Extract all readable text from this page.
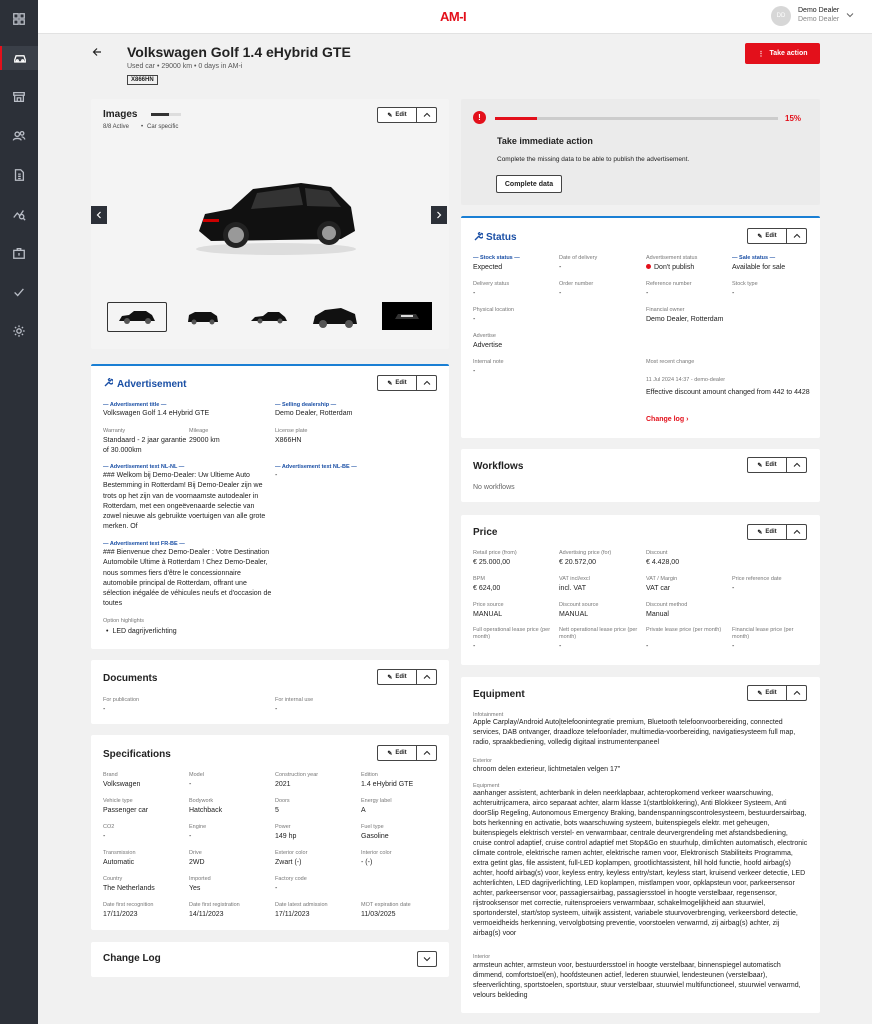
AM-I	DD
Demo Dealer
Demo Dealer
Volkswagen Golf 1.4 eHybrid GTE
Used car • 29000 km • 0 days in AM-i
X866HN
⋮ Take action
Images
8/8 Active • Car specific
✎ Edit
Advertisement	✎ Edit
— Advertisement title —
Volkswagen Golf 1.4 eHybrid GTE
— Selling dealership —
Demo Dealer, Rotterdam
Warranty
Standaard - 2 jaar garantie of 30.000km
Mileage
29000 km
License plate
X866HN
— Advertisement text NL-NL —
### Welkom bij Demo-Dealer: Uw Ultieme Auto Bestemming in Rotterdam! Bij Demo-Dealer zijn we trots op het zijn van de voornaamste autodealer in Rotterdam, met een ongeëvenaarde selectie van zowel nieuwe als gebruikte voertuigen van alle grote merken. Of
— Advertisement text NL-BE —
-
— Advertisement text FR-BE —
### Bienvenue chez Demo-Dealer : Votre Destination Automobile Ultime à Rotterdam ! Chez Demo-Dealer, nous sommes fiers d'être le concessionnaire automobile principal de Rotterdam, offrant une sélection inégalée de véhicules neufs et d'occasion de toutes
Option highlights
• LED dagrijverlichting
Documents	✎ Edit
For publication
-
For internal use
-
Specifications	✎ Edit
Brand
Volkswagen
Model
-
Construction year
2021
Edition
1.4 eHybrid GTE
Vehicle type
Passenger car
Bodywork
Hatchback
Doors
5
Energy label
A
CO2
-
Engine
-
Power
149 hp
Fuel type
Gasoline
Transmission
Automatic
Drive
2WD
Exterior color
Zwart (-)
Interior color
- (-)
Country
The Netherlands
Imported
Yes
Factory code
-
Date first recognition
17/11/2023
Date first registration
14/11/2023
Date latest admission
17/11/2023
MOT expiration date
11/03/2025
Change Log
!	15%
Take immediate action
Complete the missing data to be able to publish the advertisement.
Complete data
Status	✎ Edit
— Stock status —
Expected
Date of delivery
-
Advertisement status
Don't publish
— Sale status —
Available for sale
Delivery status
-
Order number
-
Reference number
-
Stock type
-
Physical location
-
Financial owner
Demo Dealer, Rotterdam
Advertise
Advertise
Internal note
-
Most recent change
11 Jul 2024 14:37 - demo-dealer
Effective discount amount changed from 442 to 4428
Change log ›
Workflows	✎ Edit
No workflows
Price	✎ Edit
Retail price (from)
€ 25.000,00
Advertising price (for)
€ 20.572,00
Discount
€ 4.428,00
BPM
€ 624,00
VAT incl/excl
incl. VAT
VAT / Margin
VAT car
Price reference date
-
Price source
MANUAL
Discount source
MANUAL
Discount method
Manual
Full operational lease price (per month)
-
Nett operational lease price (per month)
-
Private lease price (per month)
-
Financial lease price (per month)
-
Equipment	✎ Edit
Infotainment
Apple Carplay/Android Auto|telefoonintegratie premium, Bluetooth telefoonvoorbereiding, connected services, DAB ontvanger, draadloze telefoonlader, multimedia-voorbereiding, navigatiesysteem full map, radio, spraakbediening, volledig digitaal instrumentenpaneel
Exterior
chroom delen exterieur, lichtmetalen velgen 17"
Equipment
aanhanger assistent, achterbank in delen neerklapbaar, achteropkomend verkeer waarschuwing, achteruitrijcamera, airco separaat achter, alarm klasse 1(startblokkering), Anti Blokkeer Systeem, Anti doorSlip Regeling, Autonomous Emergency Braking, bandenspanningscontrolesysteem, bestuurdersairbag, bots herkenning en activatie, bots waarschuwing systeem, buitenspiegels elektr. met geheugen, buitenspiegels elektrisch verstel- en verwarmbaar, centrale deurvergrendeling met afstandsbediening, cruise control adaptief, cruise control adaptief met Stop&Go en stuurhulp, dimlichten automatisch, electronic climate controle, elektrische ramen achter, elektrische ramen voor, Elektronisch Stabiliteits Programma, extra getint glas, file assistent, full-LED koplampen, grootlichtassistent, hill hold functie, hoofd airbag(s) achter, hoofd airbag(s) voor, keyless entry, keyless entry/start, keyless start, kruisend verkeer detectie, LED achterlichten, LED dagrijverlichting, LED koplampen, mistlampen voor, opklapsteun voor, parkeersensor achter, parkeersensor voor, passagiersairbag, passagiersstoel in hoogte verstelbaar, regensensor, rijstrooksensor met correctie, ruitensproeiers verwarmbaar, schakelmogelijkheid aan stuurwiel, sportonderstel, start/stop systeem, uitwijk assistent, variabele stuurvoverbrenging, verkeersbord detectie, vermoeidheids herkenning, vervolgbotsing preventie, voorstoelen verwarmd, zij airbag(s) achter, zij airbag(s) voor
Interior
armsteun achter, armsteun voor, bestuurdersstoel in hoogte verstelbaar, binnenspiegel automatisch dimmend, comfortstoel(en), hoofdsteunen actief, lederen stuurwiel, lendesteunen (verstelbaar), sfeerverlichting, sportstoelen, sportstuur, stuur verstelbaar, stuurwiel multifunctioneel, stuurwiel verwarmd, velours bekleding
